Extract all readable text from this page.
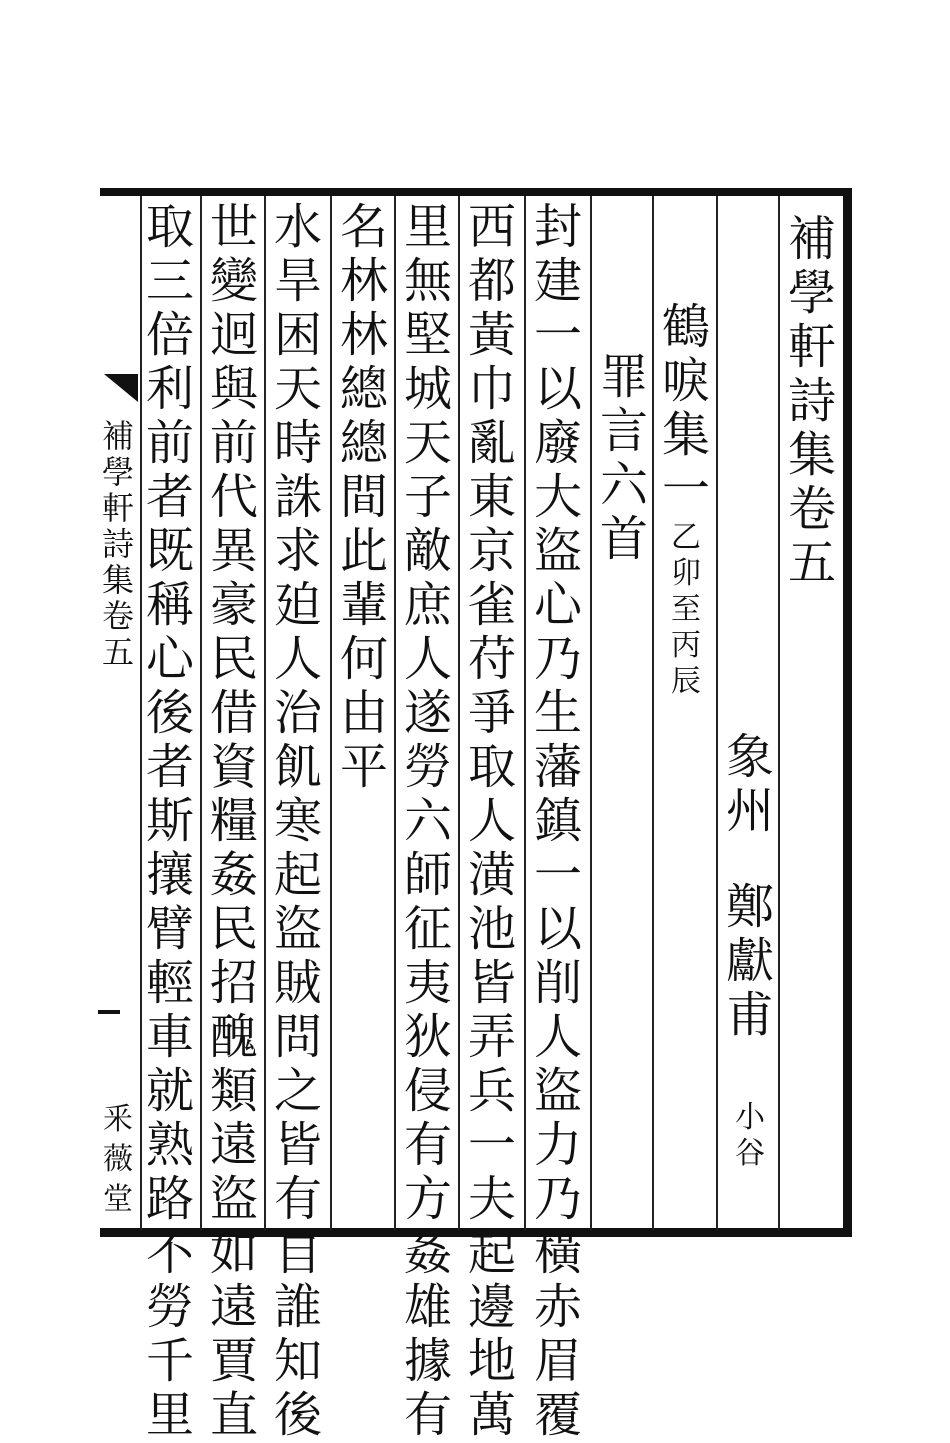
補
學
軒
詩
集
卷
五
象
州
鄭
獻
甫
小
谷
鶴
唳
集
一
乙
卯
至
丙
辰
罪
言
六
首
封
建
一
以
廢
大
盜
心
乃
生
藩
鎮
一
以
削
人
盜
力
乃
橫
赤
眉
覆
西
都
黃
巾
亂
東
京
雀
苻
爭
取
人
潢
池
皆
弄
兵
一
夫
起
邊
地
萬
里
無
堅
城
天
子
敵
庶
人
遂
勞
六
師
征
夷
狄
侵
有
方
姦
雄
據
有
名
林
林
總
總
間
此
輩
何
由
平
水
旱
困
天
時
誅
求
廹
人
治
飢
寒
起
盜
賊
問
之
皆
有
自
誰
知
後
世
變
迥
與
前
代
異
豪
民
借
資
糧
姦
民
招
醜
類
遠
盜
如
遠
賈
直
取
三
倍
利
前
者
既
稱
心
後
者
斯
攘
臂
輕
車
就
熟
路
不
勞
千
里
補
學
軒
詩
集
卷
五
釆
薇
堂
